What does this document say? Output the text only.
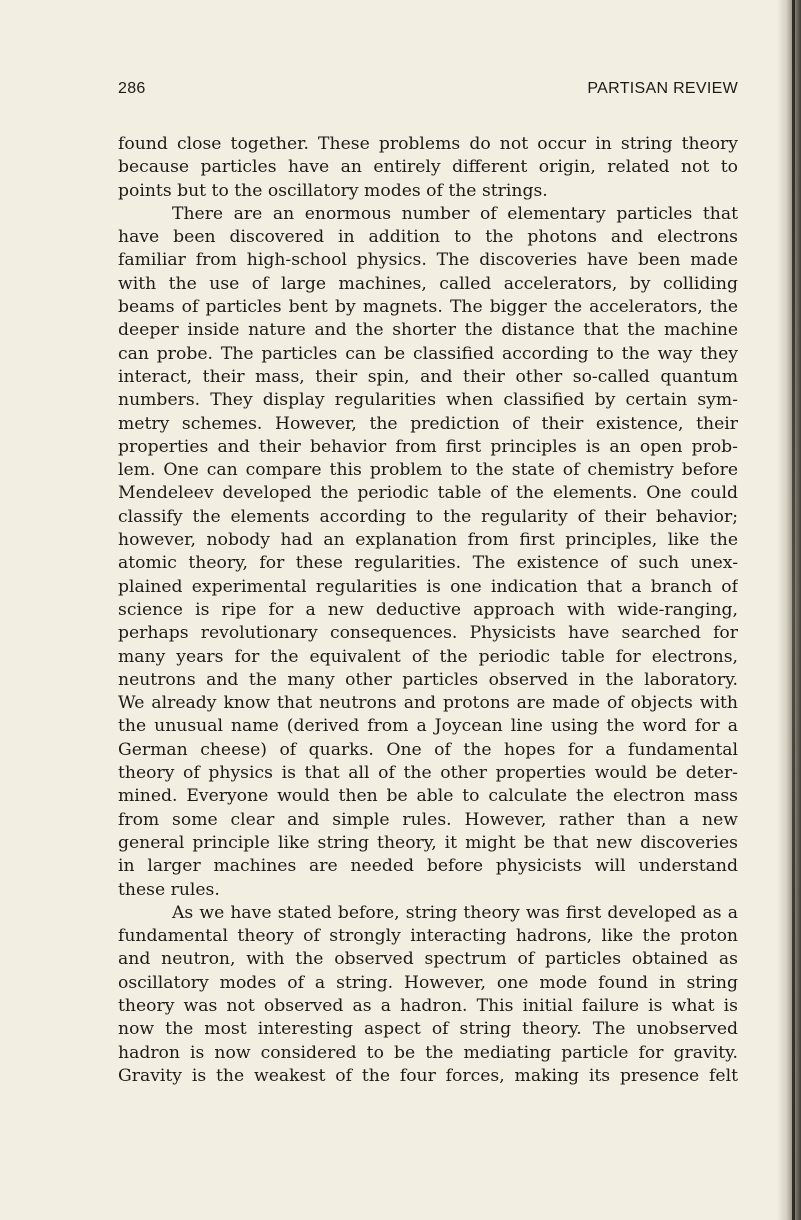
286	PARTISAN REVIEW
found close together. These problems do not occur in string theory
because particles have an entirely different origin, related not to
points but to the oscillatory modes of the strings.
There are an enormous number of elementary particles that
have been discovered in addition to the photons and electrons
familiar from high-school physics. The discoveries have been made
with the use of large machines, called accelerators, by colliding
beams of particles bent by magnets. The bigger the accelerators, the
deeper inside nature and the shorter the distance that the machine
can probe. The particles can be classified according to the way they
interact, their mass, their spin, and their other so-called quantum
numbers. They display regularities when classified by certain sym-
metry schemes. However, the prediction of their existence, their
properties and their behavior from first principles is an open prob-
lem. One can compare this problem to the state of chemistry before
Mendeleev developed the periodic table of the elements. One could
classify the elements according to the regularity of their behavior;
however, nobody had an explanation from first principles, like the
atomic theory, for these regularities. The existence of such unex-
plained experimental regularities is one indication that a branch of
science is ripe for a new deductive approach with wide-ranging,
perhaps revolutionary consequences. Physicists have searched for
many years for the equivalent of the periodic table for electrons,
neutrons and the many other particles observed in the laboratory.
We already know that neutrons and protons are made of objects with
the unusual name (derived from a Joycean line using the word for a
German cheese) of quarks. One of the hopes for a fundamental
theory of physics is that all of the other properties would be deter-
mined. Everyone would then be able to calculate the electron mass
from some clear and simple rules. However, rather than a new
general principle like string theory, it might be that new discoveries
in larger machines are needed before physicists will understand
these rules.
As we have stated before, string theory was first developed as a
fundamental theory of strongly interacting hadrons, like the proton
and neutron, with the observed spectrum of particles obtained as
oscillatory modes of a string. However, one mode found in string
theory was not observed as a hadron. This initial failure is what is
now the most interesting aspect of string theory. The unobserved
hadron is now considered to be the mediating particle for gravity.
Gravity is the weakest of the four forces, making its presence felt
